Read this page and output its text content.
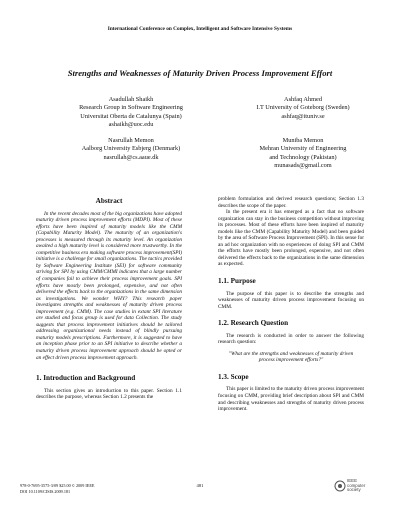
International Conference on Complex, Intelligent and Software Intensive Systems
Strengths and Weaknesses of Maturity Driven Process Improvement Effort
Asadullah Shaikh
Research Group in Software Engineering
Universitat Oberta de Catalunya (Spain)
ashaikh@uoc.edu
Ashfaq Ahmed
I.T University of Goteborg (Sweden)
ashfaq@ituniv.se
Nasrullah Memon
Aalborg University Esbjerg (Denmark)
nasrullah@cs.aaue.dk
Muniba Memon
Mehran University of Engineering
and Technology (Pakistan)
munasads@gmail.com

Abstract

In the recent decades most of the big organizations have adopted maturity driven process improvement efforts (MDPI). Most of these efforts have been inspired of maturity models like the CMM (Capability Maturity Model). The maturity of an organization's processes is measured through its maturity level. An organization awaited a high maturity level is considered more trustworthy. In the competitive business era making software process improvement(SPI) initiative is a challenge for small organizations. The tactics provided by Software Engineering Institute (SEI) for software community striving for SPI by using CMM/CMMI indicates that a large number of companies fail to achieve their process improvement goals. SPI efforts have mostly been prolonged, expensive, and not often delivered the effects back to the organizations in the same dimension as investigations. We wonder WHY? This research paper investigates strengths and weaknesses of maturity driven process improvement (e.g. CMM). The case studies in extant SPI literature are studied and focus group is used for data Collection. The study suggests that process improvement initiatives should be tailored addressing organizational needs instead of blindly pursuing maturity models prescriptions. Furthermore, it is suggested to have an inception phase prior to an SPI initiative to describe whether a maturity driven process improvement approach should be opted or an effect driven process improvement approach.

1. Introduction and Background

This section gives an introduction to this paper. Section 1.1 describes the purpose, whereas Section 1.2 presents the

problem formulation and derived research questions; Section 1.3 describes the scope of the paper.

In the present era it has emerged as a fact that no software organization can stay in the business competition without improving its processes. Most of these efforts have been inspired of maturity models like the CMM (Capability Maturity Model) and been guided by the area of Software Process Improvement (SPI). In this sense for an ad hoc organization with no experiences of doing SPI and CMM the efforts have mostly been prolonged, expensive, and not often delivered the effects back to the organizations in the same dimension as expected.

1.1. Purpose

The purpose of this paper is to describe the strengths and weaknesses of maturity driven process improvement focusing on CMM.

1.2. Research Question

The research is conducted in order to answer the following research question:

"What are the strengths and weaknesses of maturity driven process improvement efforts?"

1.3. Scope

This paper is limited to the maturity driven process improvement focusing on CMM, providing brief description about SPI and CMM and describing weaknesses and strengths of maturity driven process improvement.

978-0-7695-3575-3/09 $25.00 © 2009 IEEE
DOI 10.1109/CISIS.2009.181
481
IEEE
computer
society
